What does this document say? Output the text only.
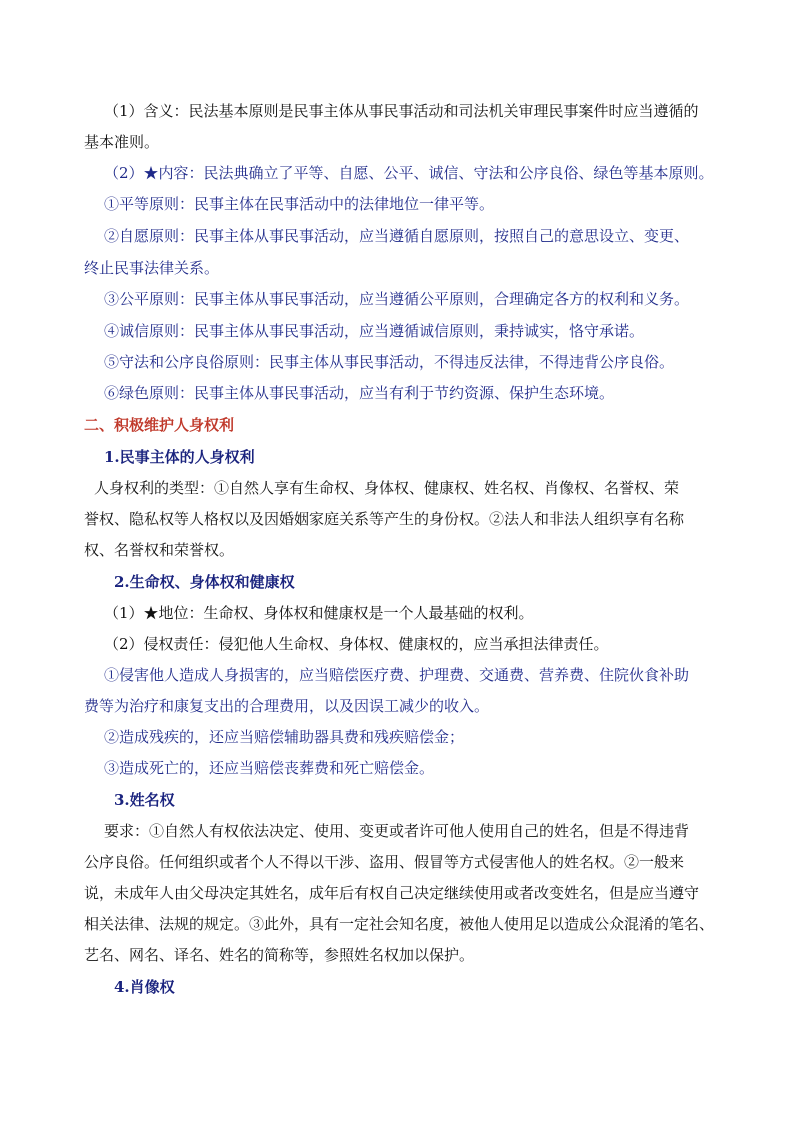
（1）含义：民法基本原则是民事主体从事民事活动和司法机关审理民事案件时应当遵循的
基本准则。
（2）★内容：民法典确立了平等、自愿、公平、诚信、守法和公序良俗、绿色等基本原则。
①平等原则：民事主体在民事活动中的法律地位一律平等。
②自愿原则：民事主体从事民事活动，应当遵循自愿原则，按照自己的意思设立、变更、
终止民事法律关系。
③公平原则：民事主体从事民事活动，应当遵循公平原则，合理确定各方的权利和义务。
④诚信原则：民事主体从事民事活动，应当遵循诚信原则，秉持诚实，恪守承诺。
⑤守法和公序良俗原则：民事主体从事民事活动，不得违反法律，不得违背公序良俗。
⑥绿色原则：民事主体从事民事活动，应当有利于节约资源、保护生态环境。
二、积极维护人身权利
1.民事主体的人身权利
人身权利的类型：①自然人享有生命权、身体权、健康权、姓名权、肖像权、名誉权、荣
誉权、隐私权等人格权以及因婚姻家庭关系等产生的身份权。②法人和非法人组织享有名称
权、名誉权和荣誉权。
2.生命权、身体权和健康权
（1）★地位：生命权、身体权和健康权是一个人最基础的权利。
（2）侵权责任：侵犯他人生命权、身体权、健康权的，应当承担法律责任。
①侵害他人造成人身损害的，应当赔偿医疗费、护理费、交通费、营养费、住院伙食补助
费等为治疗和康复支出的合理费用，以及因误工减少的收入。
②造成残疾的，还应当赔偿辅助器具费和残疾赔偿金；
③造成死亡的，还应当赔偿丧葬费和死亡赔偿金。
3.姓名权
要求：①自然人有权依法决定、使用、变更或者许可他人使用自己的姓名，但是不得违背
公序良俗。任何组织或者个人不得以干涉、盗用、假冒等方式侵害他人的姓名权。②一般来
说，未成年人由父母决定其姓名，成年后有权自己决定继续使用或者改变姓名，但是应当遵守
相关法律、法规的规定。③此外，具有一定社会知名度，被他人使用足以造成公众混淆的笔名、
艺名、网名、译名、姓名的简称等，参照姓名权加以保护。
4.肖像权
